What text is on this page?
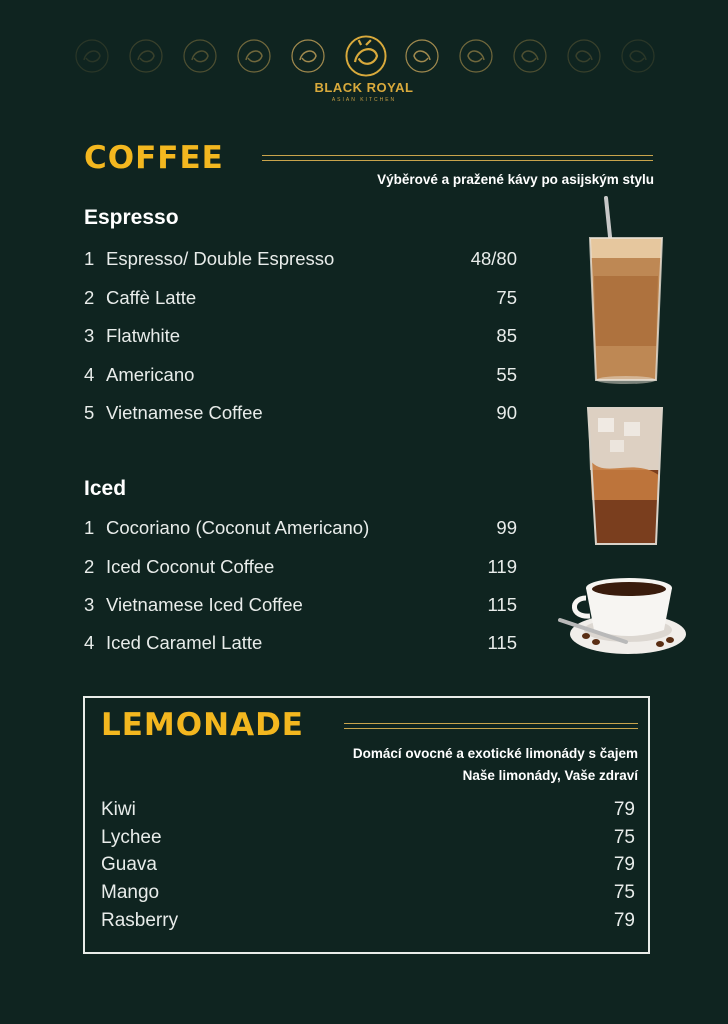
BLACK ROYAL
ASIAN KITCHEN
COFFEE
Výběrové a pražené kávy po asijským stylu
Espresso
1 Espresso/ Double Espresso	48/80
2 Caffè Latte	75
3 Flatwhite	85
4 Americano	55
5 Vietnamese Coffee	90
Iced
1 Cocoriano (Coconut Americano)	99
2 Iced Coconut Coffee	119
3 Vietnamese Iced Coffee	115
4 Iced Caramel Latte	115
LEMONADE
Domácí ovocné a exotické limonády s čajem
Naše limonády, Vaše zdraví
Kiwi	79
Lychee	75
Guava	79
Mango	75
Rasberry	79
